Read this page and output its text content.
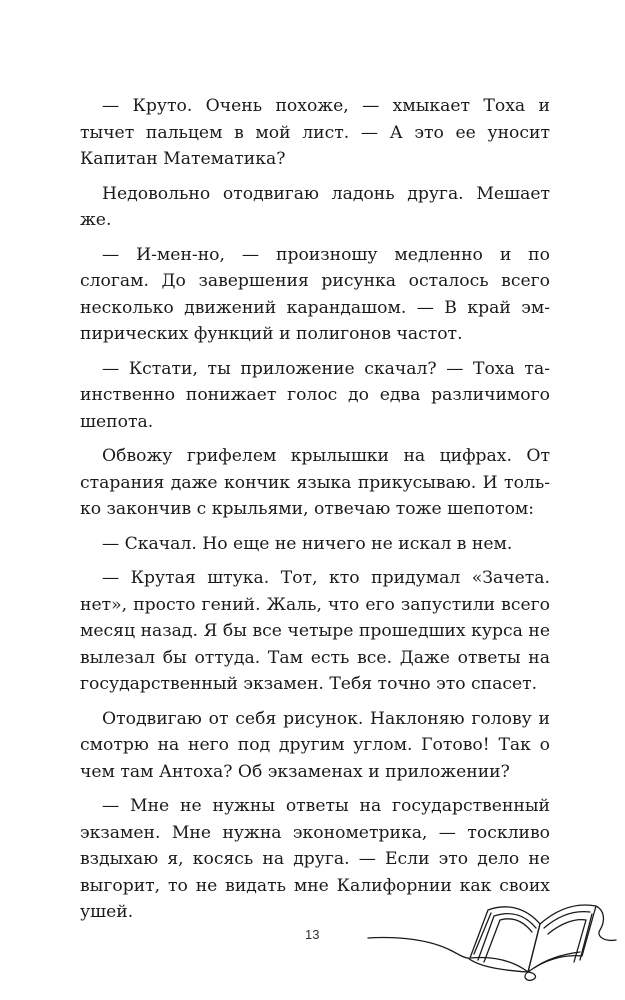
— Круто. Очень похоже, — хмыкает Тоха и тычет пальцем в мой лист. — А это ее уносит Капитан Математика?

Недовольно отодвигаю ладонь друга. Мешает же.

— И-мен-но, — произношу медленно и по слогам. До завершения рисунка осталось всего несколько движений карандашом. — В край эмпирических функций и полигонов частот.

— Кстати, ты приложение скачал? — Тоха таинственно понижает голос до едва различимого шепота.

Обвожу грифелем крылышки на цифрах. От старания даже кончик языка прикусываю. И только закончив с крыльями, отвечаю тоже шепотом:

— Скачал. Но еще не ничего не искал в нем.

— Крутая штука. Тот, кто придумал «Зачета. нет», просто гений. Жаль, что его запустили всего месяц назад. Я бы все четыре прошедших курса не вылезал бы оттуда. Там есть все. Даже ответы на государственный экзамен. Тебя точно это спасет.

Отодвигаю от себя рисунок. Наклоняю голову и смотрю на него под другим углом. Готово! Так о чем там Антоха? Об экзаменах и приложении?

— Мне не нужны ответы на государственный экзамен. Мне нужна эконометрика, — тоскливо вздыхаю я, косясь на друга. — Если это дело не выгорит, то не видать мне Калифорнии как своих ушей.

13
